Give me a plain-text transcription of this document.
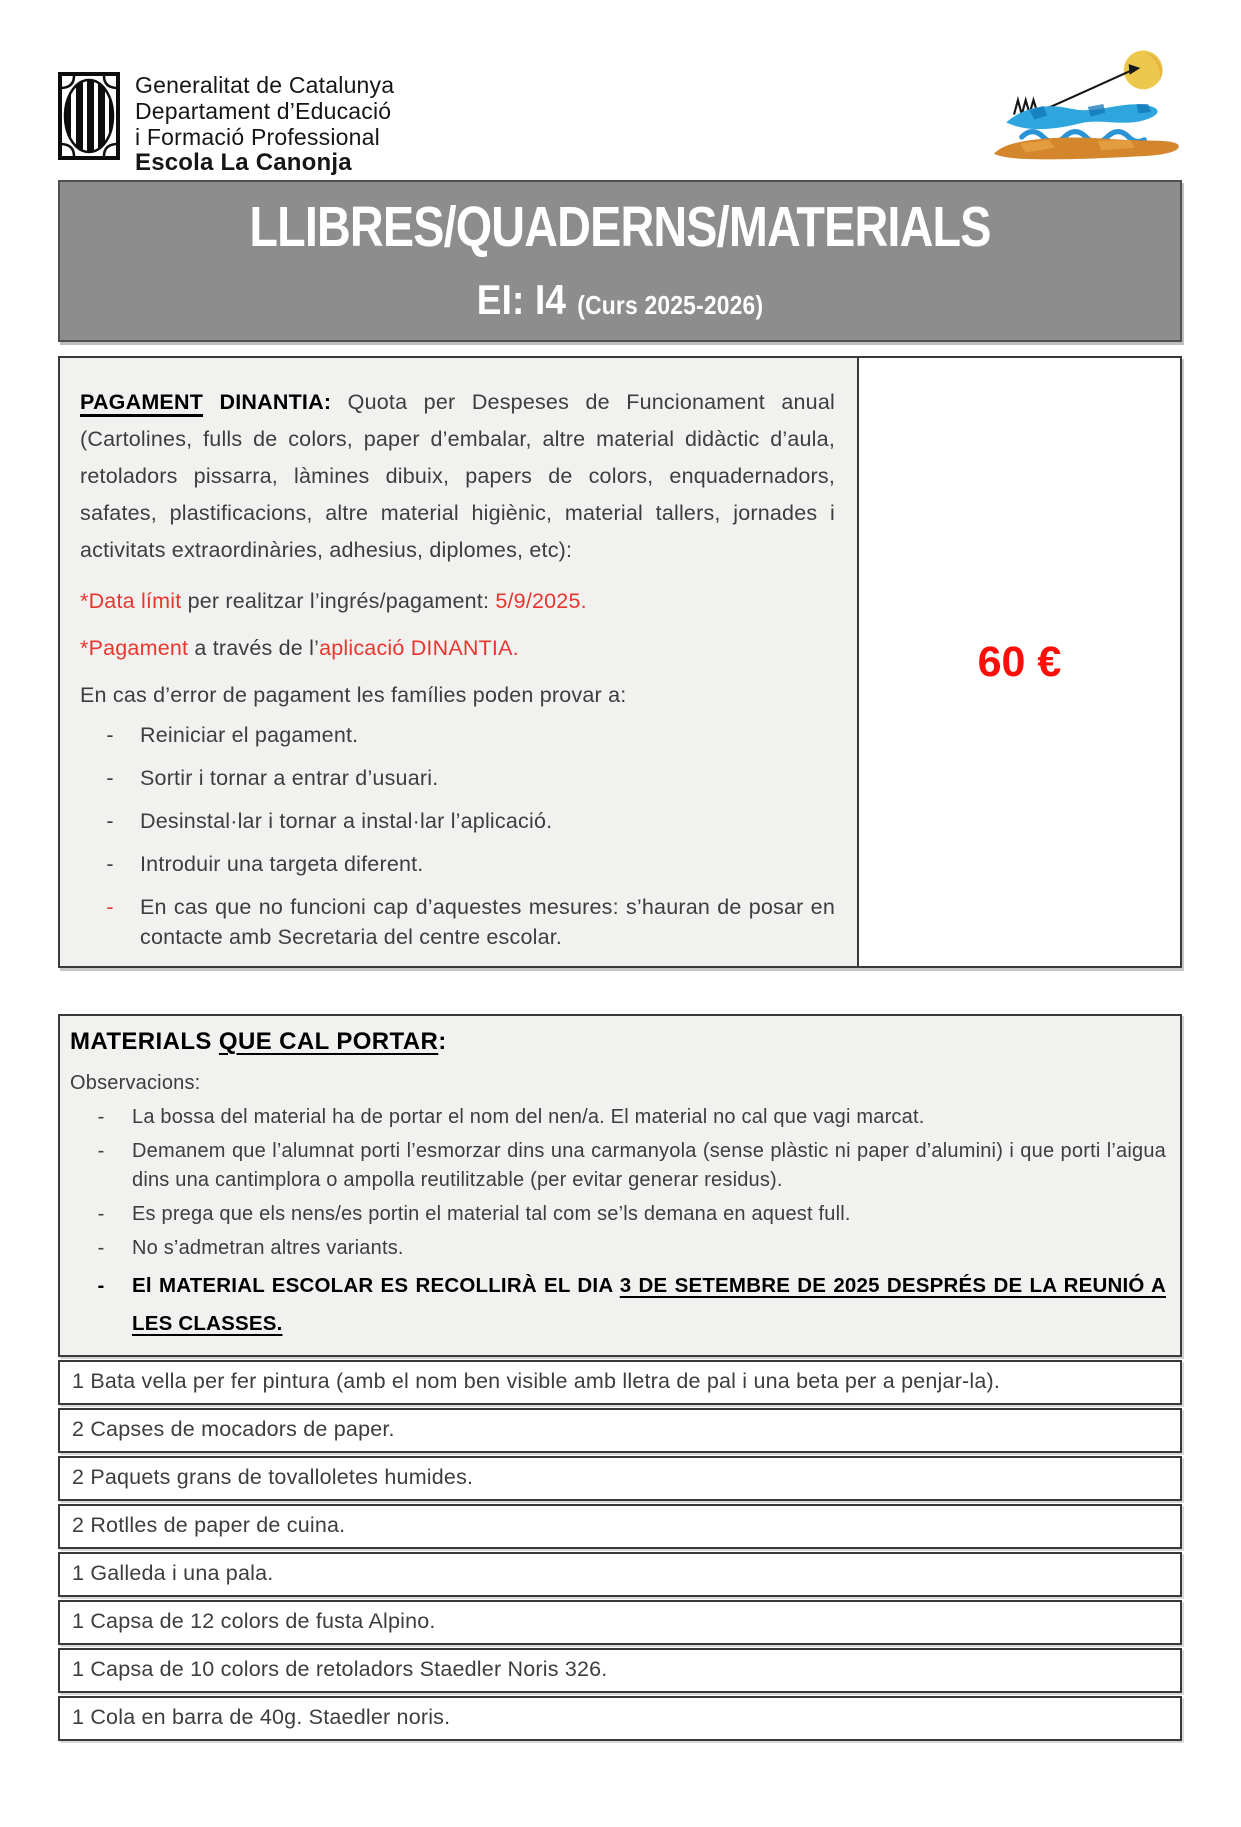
Generalitat de Catalunya
Departament d’Educació
i Formació Professional
Escola La Canonja
LLIBRES/QUADERNS/MATERIALS
EI: I4 (Curs 2025-2026)

PAGAMENT DINANTIA: Quota per Despeses de Funcionament anual (Cartolines, fulls de colors, paper d’embalar, altre material didàctic d’aula, retoladors pissarra, làmines dibuix, papers de colors, enquadernadors, safates, plastificacions, altre material higiènic, material tallers, jornades i activitats extraordinàries, adhesius, diplomes, etc):

*Data límit per realitzar l’ingrés/pagament: 5/9/2025.

*Pagament a través de l’aplicació DINANTIA.

En cas d’error de pagament les famílies poden provar a:

- Reiniciar el pagament.
- Sortir i tornar a entrar d’usuari.
- Desinstal·lar i tornar a instal·lar l’aplicació.
- Introduir una targeta diferent.
- En cas que no funcioni cap d’aquestes mesures: s’hauran de posar en contacte amb Secretaria del centre escolar.
60 €
MATERIALS QUE CAL PORTAR:
Observacions:
- La bossa del material ha de portar el nom del nen/a. El material no cal que vagi marcat.
- Demanem que l’alumnat porti l’esmorzar dins una carmanyola (sense plàstic ni paper d’alumini) i que porti l’aigua dins una cantimplora o ampolla reutilitzable (per evitar generar residus).
- Es prega que els nens/es portin el material tal com se’ls demana en aquest full.
- No s’admetran altres variants.
- El MATERIAL ESCOLAR ES RECOLLIRÀ EL DIA 3 DE SETEMBRE DE 2025 DESPRÉS DE LA REUNIÓ A LES CLASSES.
1 Bata vella per fer pintura (amb el nom ben visible amb lletra de pal i una beta per a penjar-la).
2 Capses de mocadors de paper.
2 Paquets grans de tovalloletes humides.
2 Rotlles de paper de cuina.
1 Galleda i una pala.
1 Capsa de 12 colors de fusta Alpino.
1 Capsa de 10 colors de retoladors Staedler Noris 326.
1 Cola en barra de 40g. Staedler noris.
